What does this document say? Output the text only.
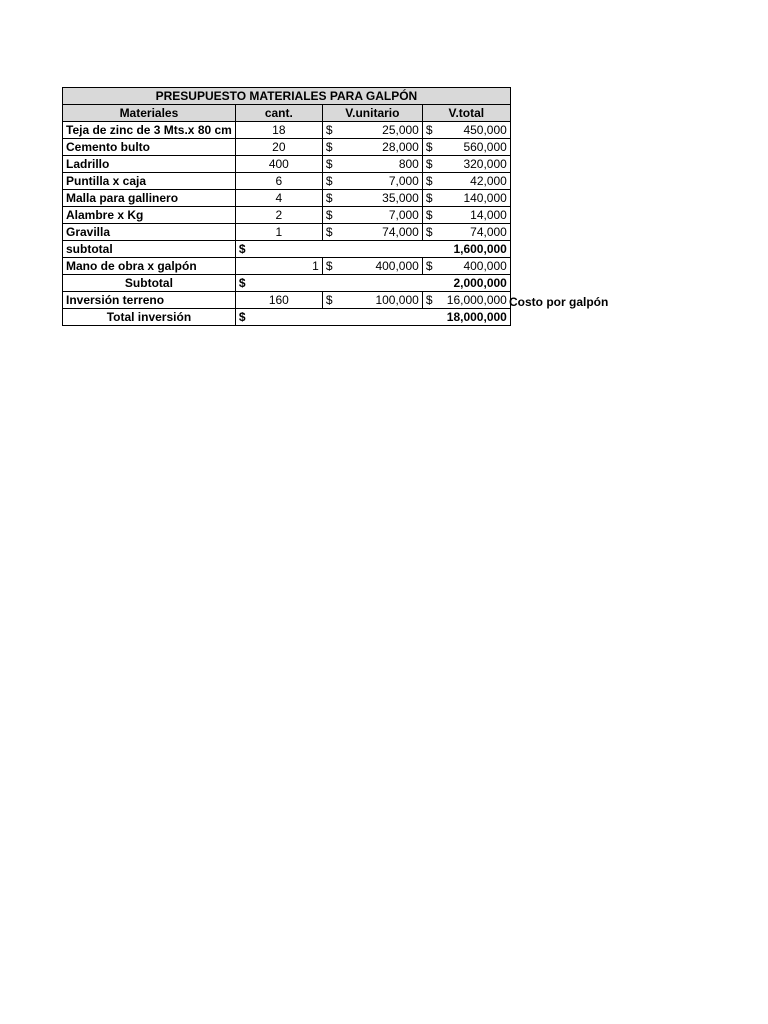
PRESUPUESTO MATERIALES PARA GALPÓN			
Materiales	cant.	V.unitario	V.total
Teja de zinc de 3 Mts.x 80 cm	18	$ 25,000	$ 450,000

Cemento bulto	20	$ 28,000	$ 560,000

Ladrillo	400	$ 800	$ 320,000

Puntilla x caja	6	$ 7,000	$ 42,000

Malla para gallinero	4	$ 35,000	$ 140,000

Alambre x Kg	2	$ 7,000	$ 14,000

Gravilla	1	$ 74,000	$ 74,000

subtotal	$ 1,600,000		

Mano de obra x galpón	1	$ 400,000	$ 400,000

Subtotal	$ 2,000,000		

Inversión terreno	160	$ 100,000	$ 16,000,000

Total inversión	$ 18,000,000		
Costo por galpón
